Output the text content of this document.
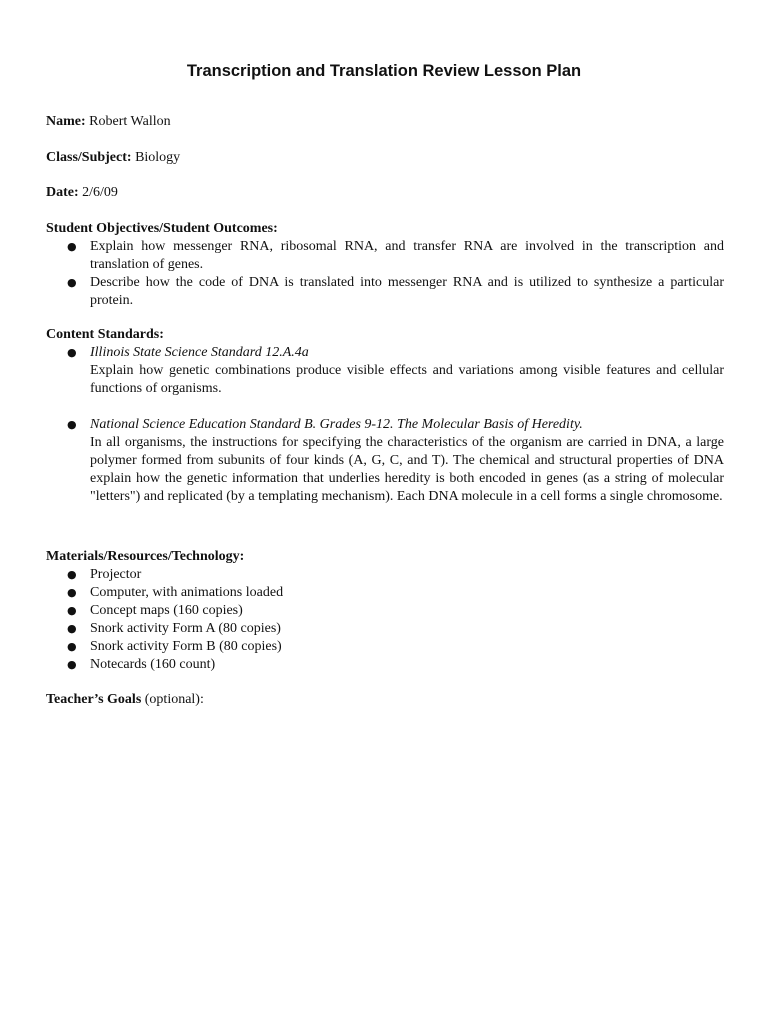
Transcription and Translation Review Lesson Plan
Name: Robert Wallon
Class/Subject: Biology
Date: 2/6/09
Student Objectives/Student Outcomes:
● Explain how messenger RNA, ribosomal RNA, and transfer RNA are involved in the transcription and translation of genes.
● Describe how the code of DNA is translated into messenger RNA and is utilized to synthesize a particular protein.
Content Standards:
● Illinois State Science Standard 12.A.4a
Explain how genetic combinations produce visible effects and variations among visible features and cellular functions of organisms.
● National Science Education Standard B. Grades 9-12. The Molecular Basis of Heredity.
In all organisms, the instructions for specifying the characteristics of the organism are carried in DNA, a large polymer formed from subunits of four kinds (A, G, C, and T). The chemical and structural properties of DNA explain how the genetic information that underlies heredity is both encoded in genes (as a string of molecular "letters") and replicated (by a templating mechanism). Each DNA molecule in a cell forms a single chromosome.
Materials/Resources/Technology:
● Projector
● Computer, with animations loaded
● Concept maps (160 copies)
● Snork activity Form A (80 copies)
● Snork activity Form B (80 copies)
● Notecards (160 count)
Teacher’s Goals (optional):
